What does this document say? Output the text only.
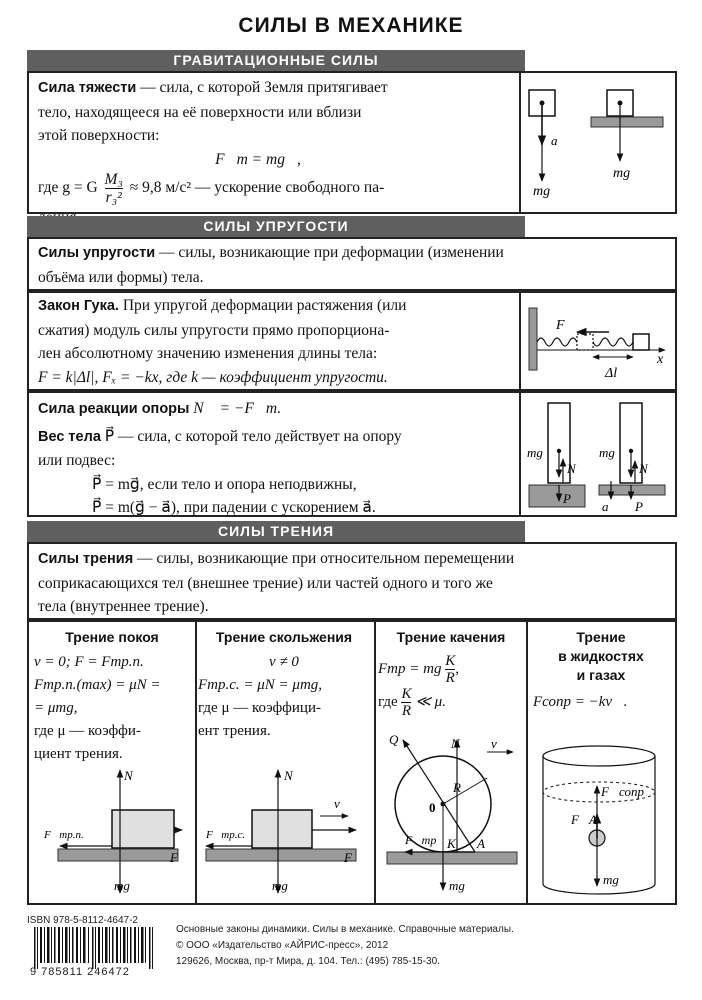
СИЛЫ В МЕХАНИКЕ
ГРАВИТАЦИОННЫЕ СИЛЫ
Сила тяжести — сила, с которой Земля притягивает
тело, находящееся на её поверхности или вблизи
этой поверхности:
F⃗т = mg⃗,
где g = G $\frac{\text{M₃}}{\text{r₃²}} \approx 9,8$ м/с² — ускорение свободного па-
a⃗
mg⃗
mg⃗
СИЛЫ УПРУГОСТИ
Силы упругости — силы, возникающие при деформации (изменении
объёма или формы) тела.
Закон Гука. При упругой деформации растяжения (или
сжатия) модуль силы упругости прямо пропорциона-
лен абсолютному значению изменения длины тела:
F = k|Δl|, Fₓ = −kx, где k — коэффициент упругости.
x
F⃗
Δl
Сила реакции опоры N⃗ = −F⃗т.
Вес тела P⃗ — сила, с которой тело действует на опору
или подвес:
P⃗ = mg⃗, если тело и опора неподвижны,
P⃗ = m(g⃗ − a⃗), при падении с ускорением a⃗.
mg⃗
N⃗
P⃗
mg⃗
N⃗
P⃗
a⃗
СИЛЫ ТРЕНИЯ
Силы трения — силы, возникающие при относительном перемещении
соприкасающихся тел (внешнее трение) или частей одного и того же
тела (внутреннее трение).
Трение покоя
v = 0; F = Fтр.п.
Fтр.п.(max) = μN =
= μmg,
где μ — коэффи-
циент трения.
N⃗
F⃗
F⃗тр.п.
mg⃗
Трение скольжения
v ≠ 0
Fтр.с. = μN = μmg,
где μ — коэффици-
ент трения.
N⃗
v⃗
F⃗
F⃗тр.с.
mg⃗
Трение качения
Fтр = mg $\frac{K}{R}$ ,
где $\frac{K}{R}$ ≪ μ.
Q⃗	N⃗ v⃗
R
0
F⃗тр K A
mg⃗
Трение
в жидкостях
и газах
Fсопр = −kv⃗.
F⃗сопр
F⃗A
mg⃗
ISBN 978-5-8112-4647-2
9 785811 246472
Основные законы динамики. Силы в механике. Справочные материалы.
© ООО «Издательство «АЙРИС-пресс», 2012
129626, Москва, пр-т Мира, д. 104. Тел.: (495) 785-15-30.
